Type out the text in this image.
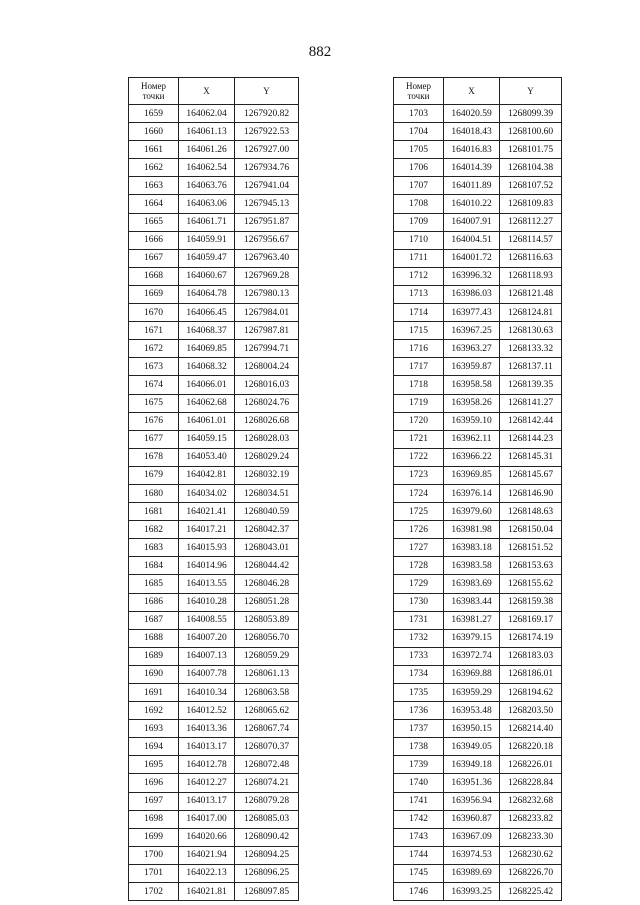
882
Номер
точки	X	Y
1659	164062.04	1267920.82
1660	164061.13	1267922.53
1661	164061.26	1267927.00
1662	164062.54	1267934.76
1663	164063.76	1267941.04
1664	164063.06	1267945.13
1665	164061.71	1267951.87
1666	164059.91	1267956.67
1667	164059.47	1267963.40
1668	164060.67	1267969.28
1669	164064.78	1267980.13
1670	164066.45	1267984.01
1671	164068.37	1267987.81
1672	164069.85	1267994.71
1673	164068.32	1268004.24
1674	164066.01	1268016.03
1675	164062.68	1268024.76
1676	164061.01	1268026.68
1677	164059.15	1268028.03
1678	164053.40	1268029.24
1679	164042.81	1268032.19
1680	164034.02	1268034.51
1681	164021.41	1268040.59
1682	164017.21	1268042.37
1683	164015.93	1268043.01
1684	164014.96	1268044.42
1685	164013.55	1268046.28
1686	164010.28	1268051.28
1687	164008.55	1268053.89
1688	164007.20	1268056.70
1689	164007.13	1268059.29
1690	164007.78	1268061.13
1691	164010.34	1268063.58
1692	164012.52	1268065.62
1693	164013.36	1268067.74
1694	164013.17	1268070.37
1695	164012.78	1268072.48
1696	164012.27	1268074.21
1697	164013.17	1268079.28
1698	164017.00	1268085.03
1699	164020.66	1268090.42
1700	164021.94	1268094.25
1701	164022.13	1268096.25
1702	164021.81	1268097.85
Номер
точки	X	Y
1703	164020.59	1268099.39
1704	164018.43	1268100.60
1705	164016.83	1268101.75
1706	164014.39	1268104.38
1707	164011.89	1268107.52
1708	164010.22	1268109.83
1709	164007.91	1268112.27
1710	164004.51	1268114.57
1711	164001.72	1268116.63
1712	163996.32	1268118.93
1713	163986.03	1268121.48
1714	163977.43	1268124.81
1715	163967.25	1268130.63
1716	163963.27	1268133.32
1717	163959.87	1268137.11
1718	163958.58	1268139.35
1719	163958.26	1268141.27
1720	163959.10	1268142.44
1721	163962.11	1268144.23
1722	163966.22	1268145.31
1723	163969.85	1268145.67
1724	163976.14	1268146.90
1725	163979.60	1268148.63
1726	163981.98	1268150.04
1727	163983.18	1268151.52
1728	163983.58	1268153.63
1729	163983.69	1268155.62
1730	163983.44	1268159.38
1731	163981.27	1268169.17
1732	163979.15	1268174.19
1733	163972.74	1268183.03
1734	163969.88	1268186.01
1735	163959.29	1268194.62
1736	163953.48	1268203.50
1737	163950.15	1268214.40
1738	163949.05	1268220.18
1739	163949.18	1268226.01
1740	163951.36	1268228.84
1741	163956.94	1268232.68
1742	163960.87	1268233.82
1743	163967.09	1268233.30
1744	163974.53	1268230.62
1745	163989.69	1268226.70
1746	163993.25	1268225.42
